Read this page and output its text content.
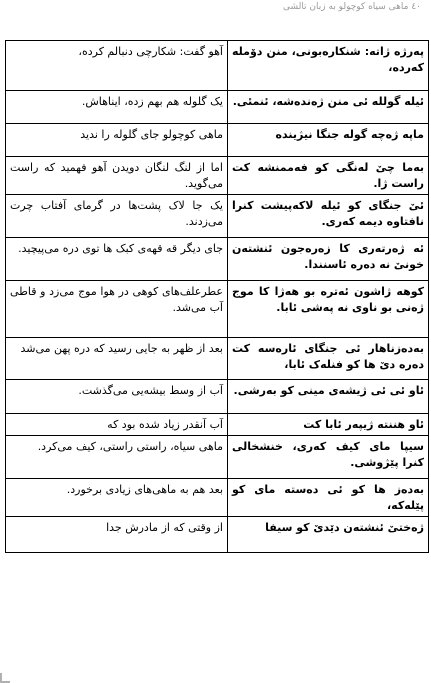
٤٠ ماهی سیاه کوچولو به زبان تالشی
پەرژە ژاتە: شنکارەبونی، منن دۆملە کەردە،	آهو گفت: شکارچی دنبالم کرده،
ئیلە گوللە ئی منن ژەندەشە، ئنمئی.	یک گلوله هم بهم زده، ایناهاش.
ماپە ژەچە گولە جنگا نیژینده	ماهی کوچولو جای گلوله را ندید
بەما چێ لەنگی کو فەممنشە کت راست ژا.	اما از لنگ لنگان دویدن آهو فهمید که راست می‌گوید.
ئێ جنگای کو ئیلە لاکەپیشت کنرا نافتاوە دیمە کەری.	یک جا لاک پشت‌ها در گرمای آفتاب چرت می‌زدند.
ئە ژەرتەری کا زەرەجون ئنشتەن خونێ نە دەرە ئاسنندا.	جای دیگر قه قهه‌ی کبک ها توی دره می‌پیچید.
کوهە ژاشون ئەترە بو هەژا کا موج ژەنی بو ناوی نە پەشی ئابا.	عطرعلف‌های کوهی در هوا موج می‌زد و قاطی آب می‌شد.
بەدەزناهار ئی جنگای ئارەسە کت دەرە دێ ها کو فنلەک ئابا،	بعد از ظهر به جایی رسید که دره پهن می‌شد
ئاو ئی ئی ژیشەی مینی کو بەرشی.	آب از وسط بیشه‌یی می‌گذشت.
ئاو هننتە ژیپەر ئابا کت	آب آنقدر زیاد شده بود که
سیپا مای کیف کەری، خنشخالی کنرا پێژوشی.	ماهی سیاه، راستی راستی، کیف می‌کرد.
بەدەز ها کو ئی دەستە مای کو پێلەکە،	بعد هم به ماهی‌های زیادی برخورد.
ژەختێ ئنشتەن دێدێ کو سیفا	از وقتی که از مادرش جدا
